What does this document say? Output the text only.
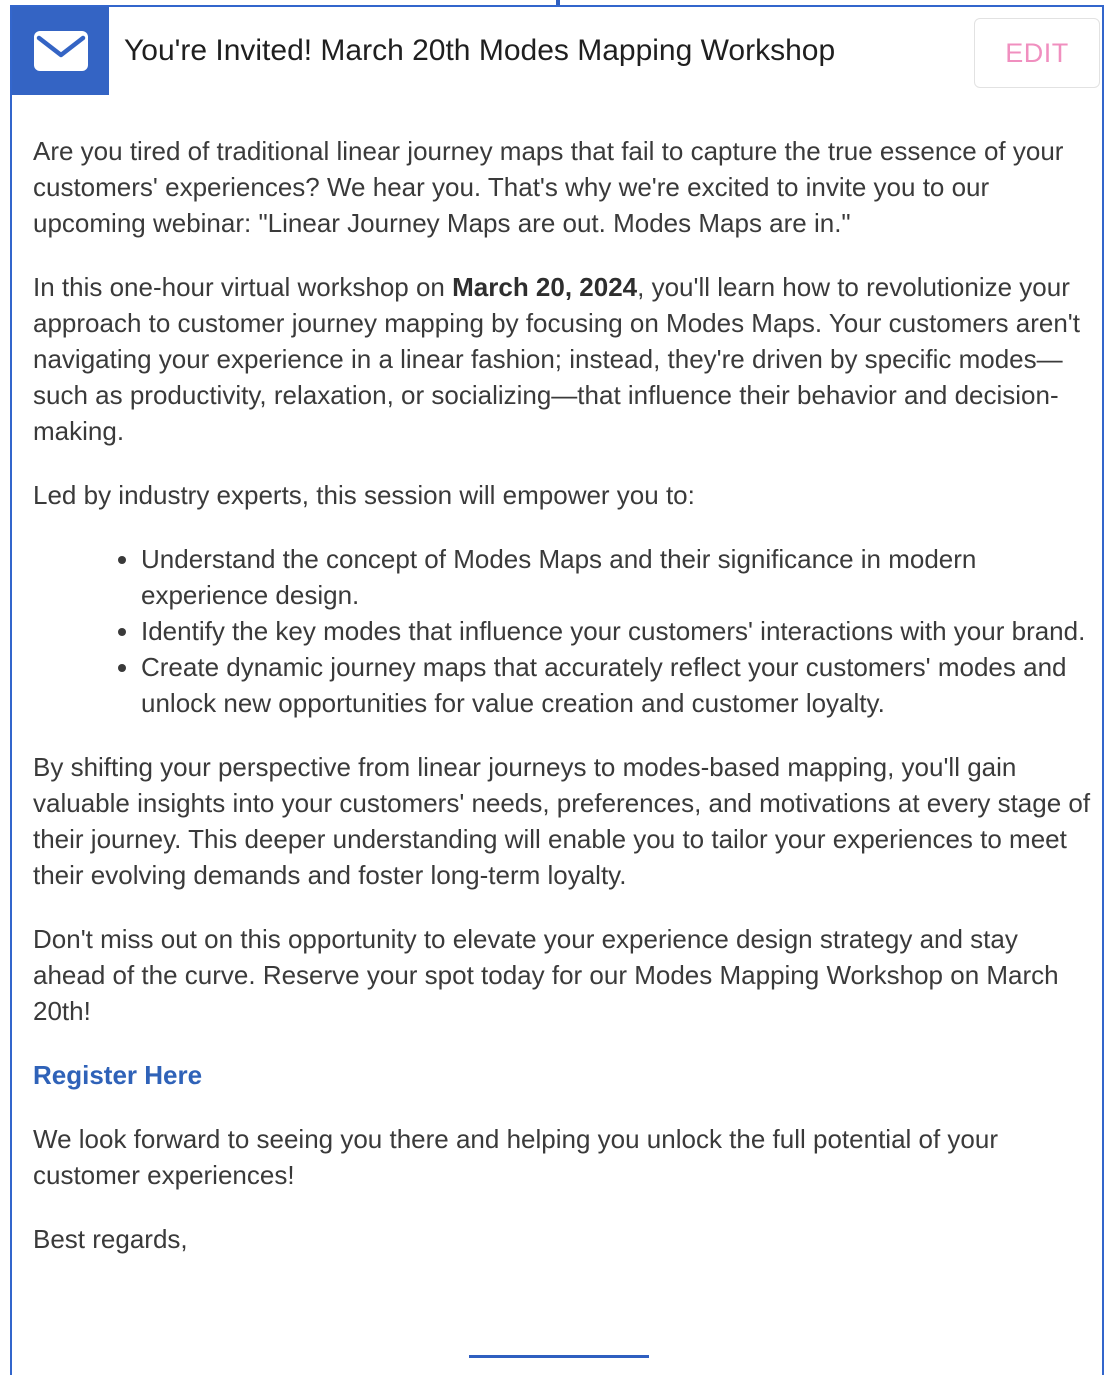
You're Invited! March 20th Modes Mapping Workshop	EDIT

Are you tired of traditional linear journey maps that fail to capture the true essence of your customers' experiences? We hear you. That's why we're excited to invite you to our upcoming webinar: "Linear Journey Maps are out. Modes Maps are in."

In this one-hour virtual workshop on March 20, 2024, you'll learn how to revolutionize your approach to customer journey mapping by focusing on Modes Maps. Your customers aren't navigating your experience in a linear fashion; instead, they're driven by specific modes—such as productivity, relaxation, or socializing—that influence their behavior and decision-making.

Led by industry experts, this session will empower you to:

• Understand the concept of Modes Maps and their significance in modern experience design.
• Identify the key modes that influence your customers' interactions with your brand.
• Create dynamic journey maps that accurately reflect your customers' modes and unlock new opportunities for value creation and customer loyalty.

By shifting your perspective from linear journeys to modes-based mapping, you'll gain valuable insights into your customers' needs, preferences, and motivations at every stage of their journey. This deeper understanding will enable you to tailor your experiences to meet their evolving demands and foster long-term loyalty.

Don't miss out on this opportunity to elevate your experience design strategy and stay ahead of the curve. Reserve your spot today for our Modes Mapping Workshop on March 20th!

Register Here

We look forward to seeing you there and helping you unlock the full potential of your customer experiences!

Best regards,
